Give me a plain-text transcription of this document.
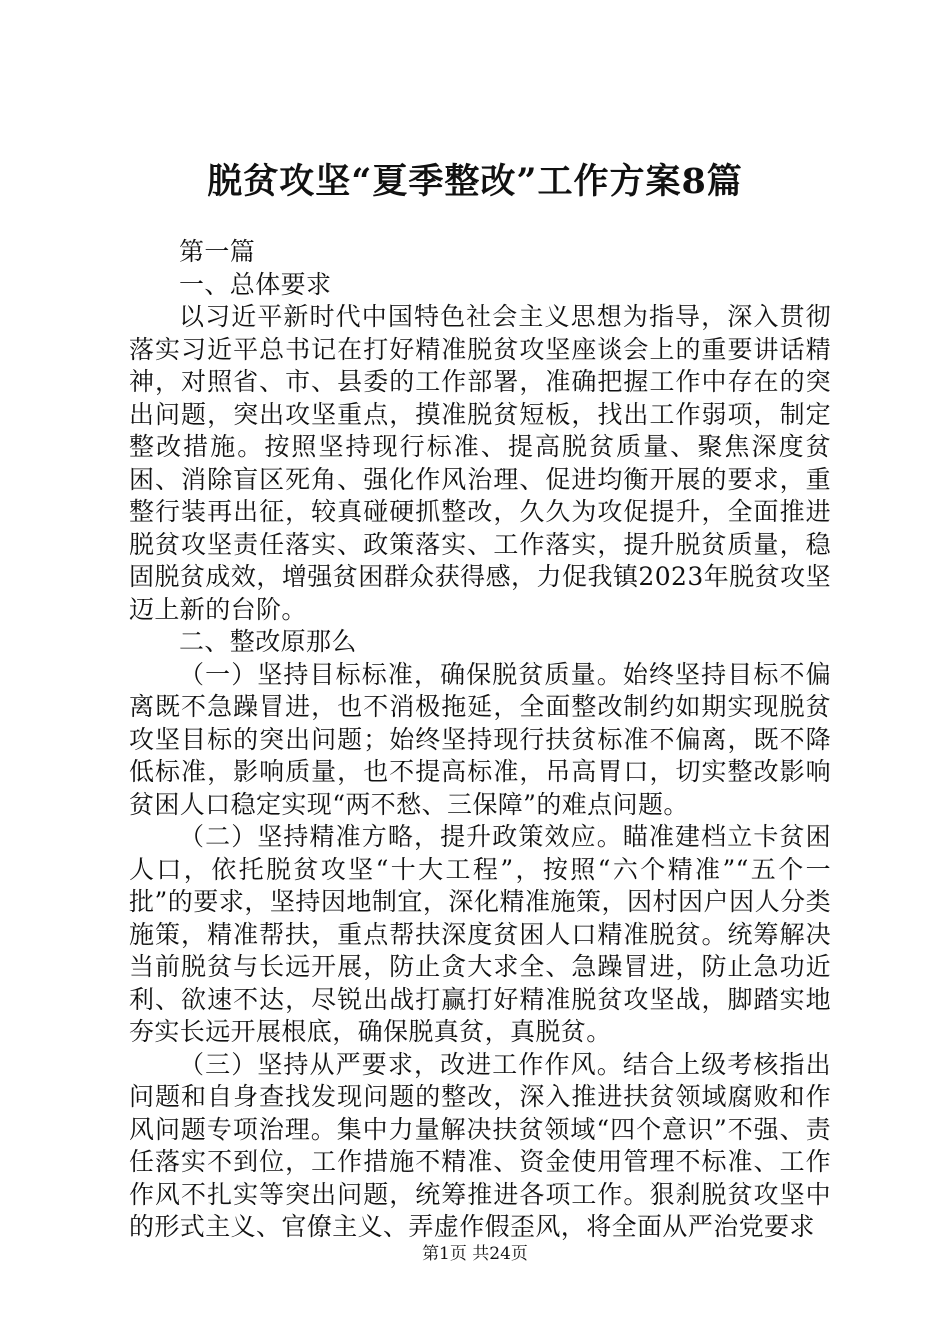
脱贫攻坚“夏季整改”工作方案8篇

第一篇

一、总体要求

以习近平新时代中国特色社会主义思想为指导，深入贯彻落实习近平总书记在打好精准脱贫攻坚座谈会上的重要讲话精神，对照省、市、县委的工作部署，准确把握工作中存在的突出问题，突出攻坚重点，摸准脱贫短板，找出工作弱项，制定整改措施。按照坚持现行标准、提高脱贫质量、聚焦深度贫困、消除盲区死角、强化作风治理、促进均衡开展的要求，重整行装再出征，较真碰硬抓整改，久久为攻促提升，全面推进脱贫攻坚责任落实、政策落实、工作落实，提升脱贫质量，稳固脱贫成效，增强贫困群众获得感，力促我镇2023年脱贫攻坚迈上新的台阶。

二、整改原那么

（一）坚持目标标准，确保脱贫质量。始终坚持目标不偏离既不急躁冒进，也不消极拖延，全面整改制约如期实现脱贫攻坚目标的突出问题；始终坚持现行扶贫标准不偏离，既不降低标准，影响质量，也不提高标准，吊高胃口，切实整改影响贫困人口稳定实现“两不愁、三保障”的难点问题。

（二）坚持精准方略，提升政策效应。瞄准建档立卡贫困人口，依托脱贫攻坚“十大工程”，按照“六个精准”“五个一批”的要求，坚持因地制宜，深化精准施策，因村因户因人分类施策，精准帮扶，重点帮扶深度贫困人口精准脱贫。统筹解决当前脱贫与长远开展，防止贪大求全、急躁冒进，防止急功近利、欲速不达，尽锐出战打赢打好精准脱贫攻坚战，脚踏实地夯实长远开展根底，确保脱真贫，真脱贫。

（三）坚持从严要求，改进工作作风。结合上级考核指出问题和自身查找发现问题的整改，深入推进扶贫领域腐败和作风问题专项治理。集中力量解决扶贫领域“四个意识”不强、责任落实不到位，工作措施不精准、资金使用管理不标准、工作作风不扎实等突出问题，统筹推进各项工作。狠刹脱贫攻坚中的形式主义、官僚主义、弄虚作假歪风，将全面从严治党要求

第1页 共24页
